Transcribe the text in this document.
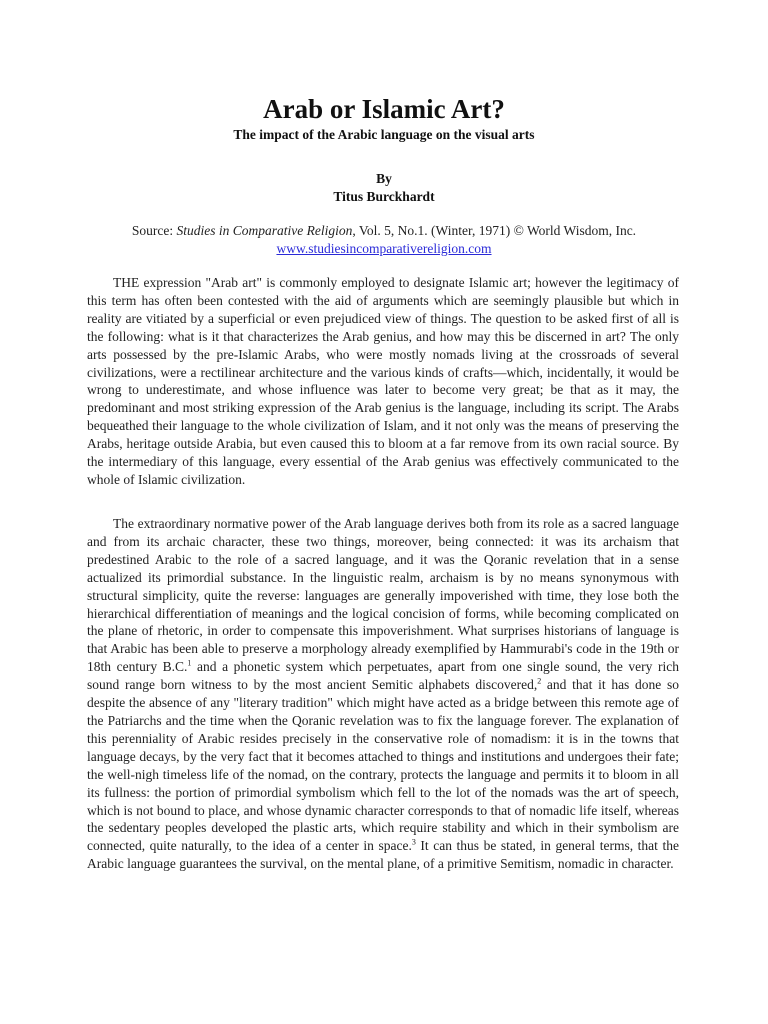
Arab or Islamic Art?
The impact of the Arabic language on the visual arts
By
Titus Burckhardt
Source: Studies in Comparative Religion, Vol. 5, No.1. (Winter, 1971) © World Wisdom, Inc.
www.studiesincomparativereligion.com

THE expression "Arab art" is commonly employed to designate Islamic art; however the legitimacy of this term has often been contested with the aid of arguments which are seemingly plausible but which in reality are vitiated by a superficial or even prejudiced view of things. The question to be asked first of all is the following: what is it that characterizes the Arab genius, and how may this be discerned in art? The only arts possessed by the pre-Islamic Arabs, who were mostly nomads living at the crossroads of several civilizations, were a rectilinear architecture and the various kinds of crafts—which, incidentally, it would be wrong to underestimate, and whose influence was later to become very great; be that as it may, the predominant and most striking expression of the Arab genius is the language, including its script. The Arabs bequeathed their language to the whole civilization of Islam, and it not only was the means of preserving the Arabs, heritage outside Arabia, but even caused this to bloom at a far remove from its own racial source. By the intermediary of this language, every essential of the Arab genius was effectively communicated to the whole of Islamic civilization.

The extraordinary normative power of the Arab language derives both from its role as a sacred language and from its archaic character, these two things, moreover, being connected: it was its archaism that predestined Arabic to the role of a sacred language, and it was the Qoranic revelation that in a sense actualized its primordial substance. In the linguistic realm, archaism is by no means synonymous with structural simplicity, quite the reverse: languages are generally impoverished with time, they lose both the hierarchical differentiation of meanings and the logical concision of forms, while becoming complicated on the plane of rhetoric, in order to compensate this impoverishment. What surprises historians of language is that Arabic has been able to preserve a morphology already exemplified by Hammurabi's code in the 19th or 18th century B.C.$^1$ and a phonetic system which perpetuates, apart from one single sound, the very rich sound range born witness to by the most ancient Semitic alphabets discovered,$^2$ and that it has done so despite the absence of any "literary tradition" which might have acted as a bridge between this remote age of the Patriarchs and the time when the Qoranic revelation was to fix the language forever. The explanation of this perenniality of Arabic resides precisely in the conservative role of nomadism: it is in the towns that language decays, by the very fact that it becomes attached to things and institutions and undergoes their fate; the well-nigh timeless life of the nomad, on the contrary, protects the language and permits it to bloom in all its fullness: the portion of primordial symbolism which fell to the lot of the nomads was the art of speech, which is not bound to place, and whose dynamic character corresponds to that of nomadic life itself, whereas the sedentary peoples developed the plastic arts, which require stability and which in their symbolism are connected, quite naturally, to the idea of a center in space.$^3$ It can thus be stated, in general terms, that the Arabic language guarantees the survival, on the mental plane, of a primitive Semitism, nomadic in character.
